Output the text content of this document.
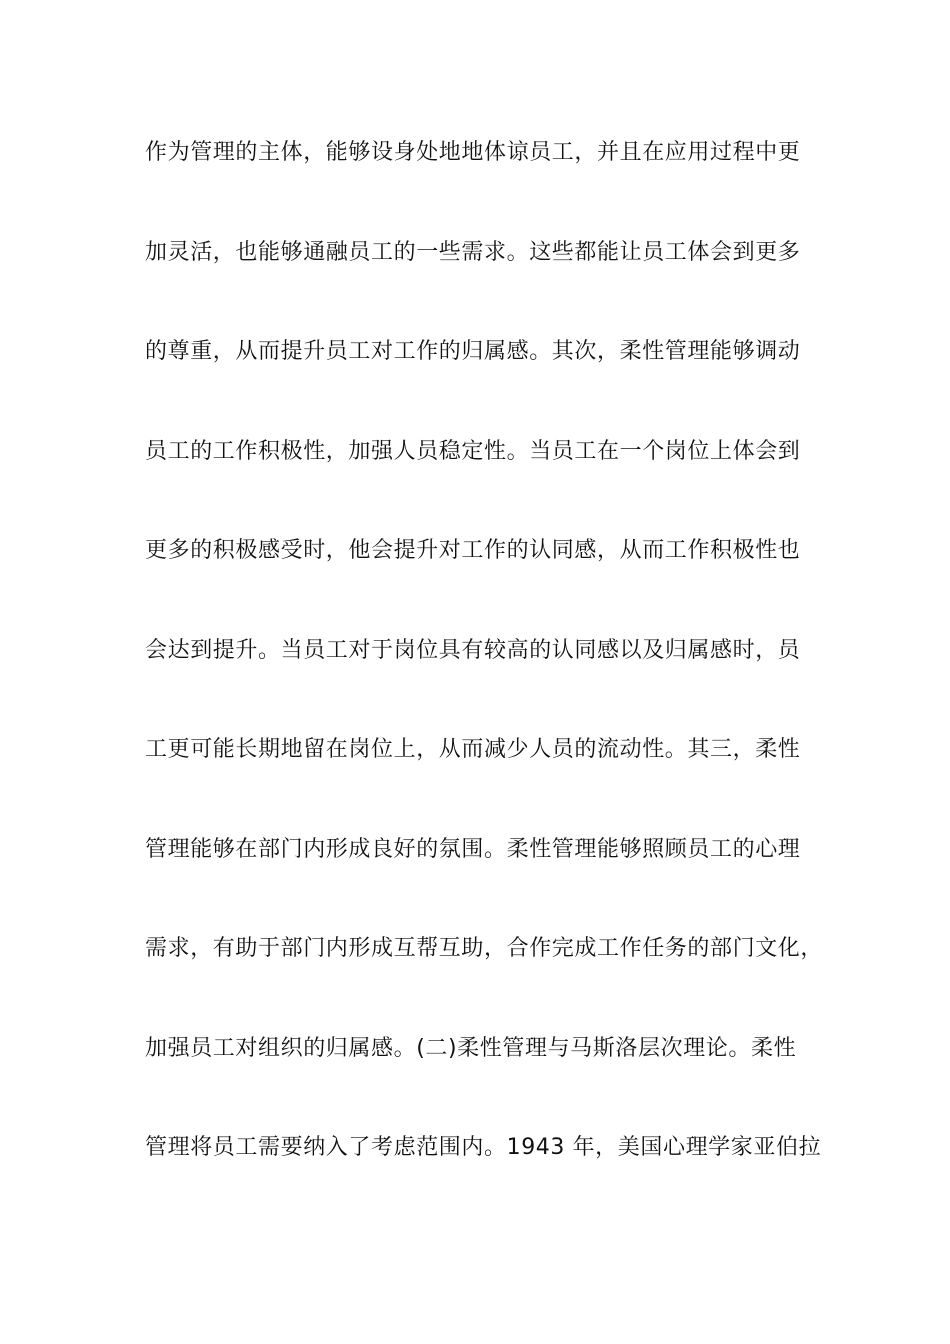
作为管理的主体，能够设身处地地体谅员工，并且在应用过程中更
加灵活，也能够通融员工的一些需求。这些都能让员工体会到更多
的尊重，从而提升员工对工作的归属感。其次，柔性管理能够调动
员工的工作积极性，加强人员稳定性。当员工在一个岗位上体会到
更多的积极感受时，他会提升对工作的认同感，从而工作积极性也
会达到提升。当员工对于岗位具有较高的认同感以及归属感时，员
工更可能长期地留在岗位上，从而减少人员的流动性。其三，柔性
管理能够在部门内形成良好的氛围。柔性管理能够照顾员工的心理
需求，有助于部门内形成互帮互助，合作完成工作任务的部门文化，
加强员工对组织的归属感。(二)柔性管理与马斯洛层次理论。柔性
管理将员工需要纳入了考虑范围内。1943 年，美国心理学家亚伯拉
